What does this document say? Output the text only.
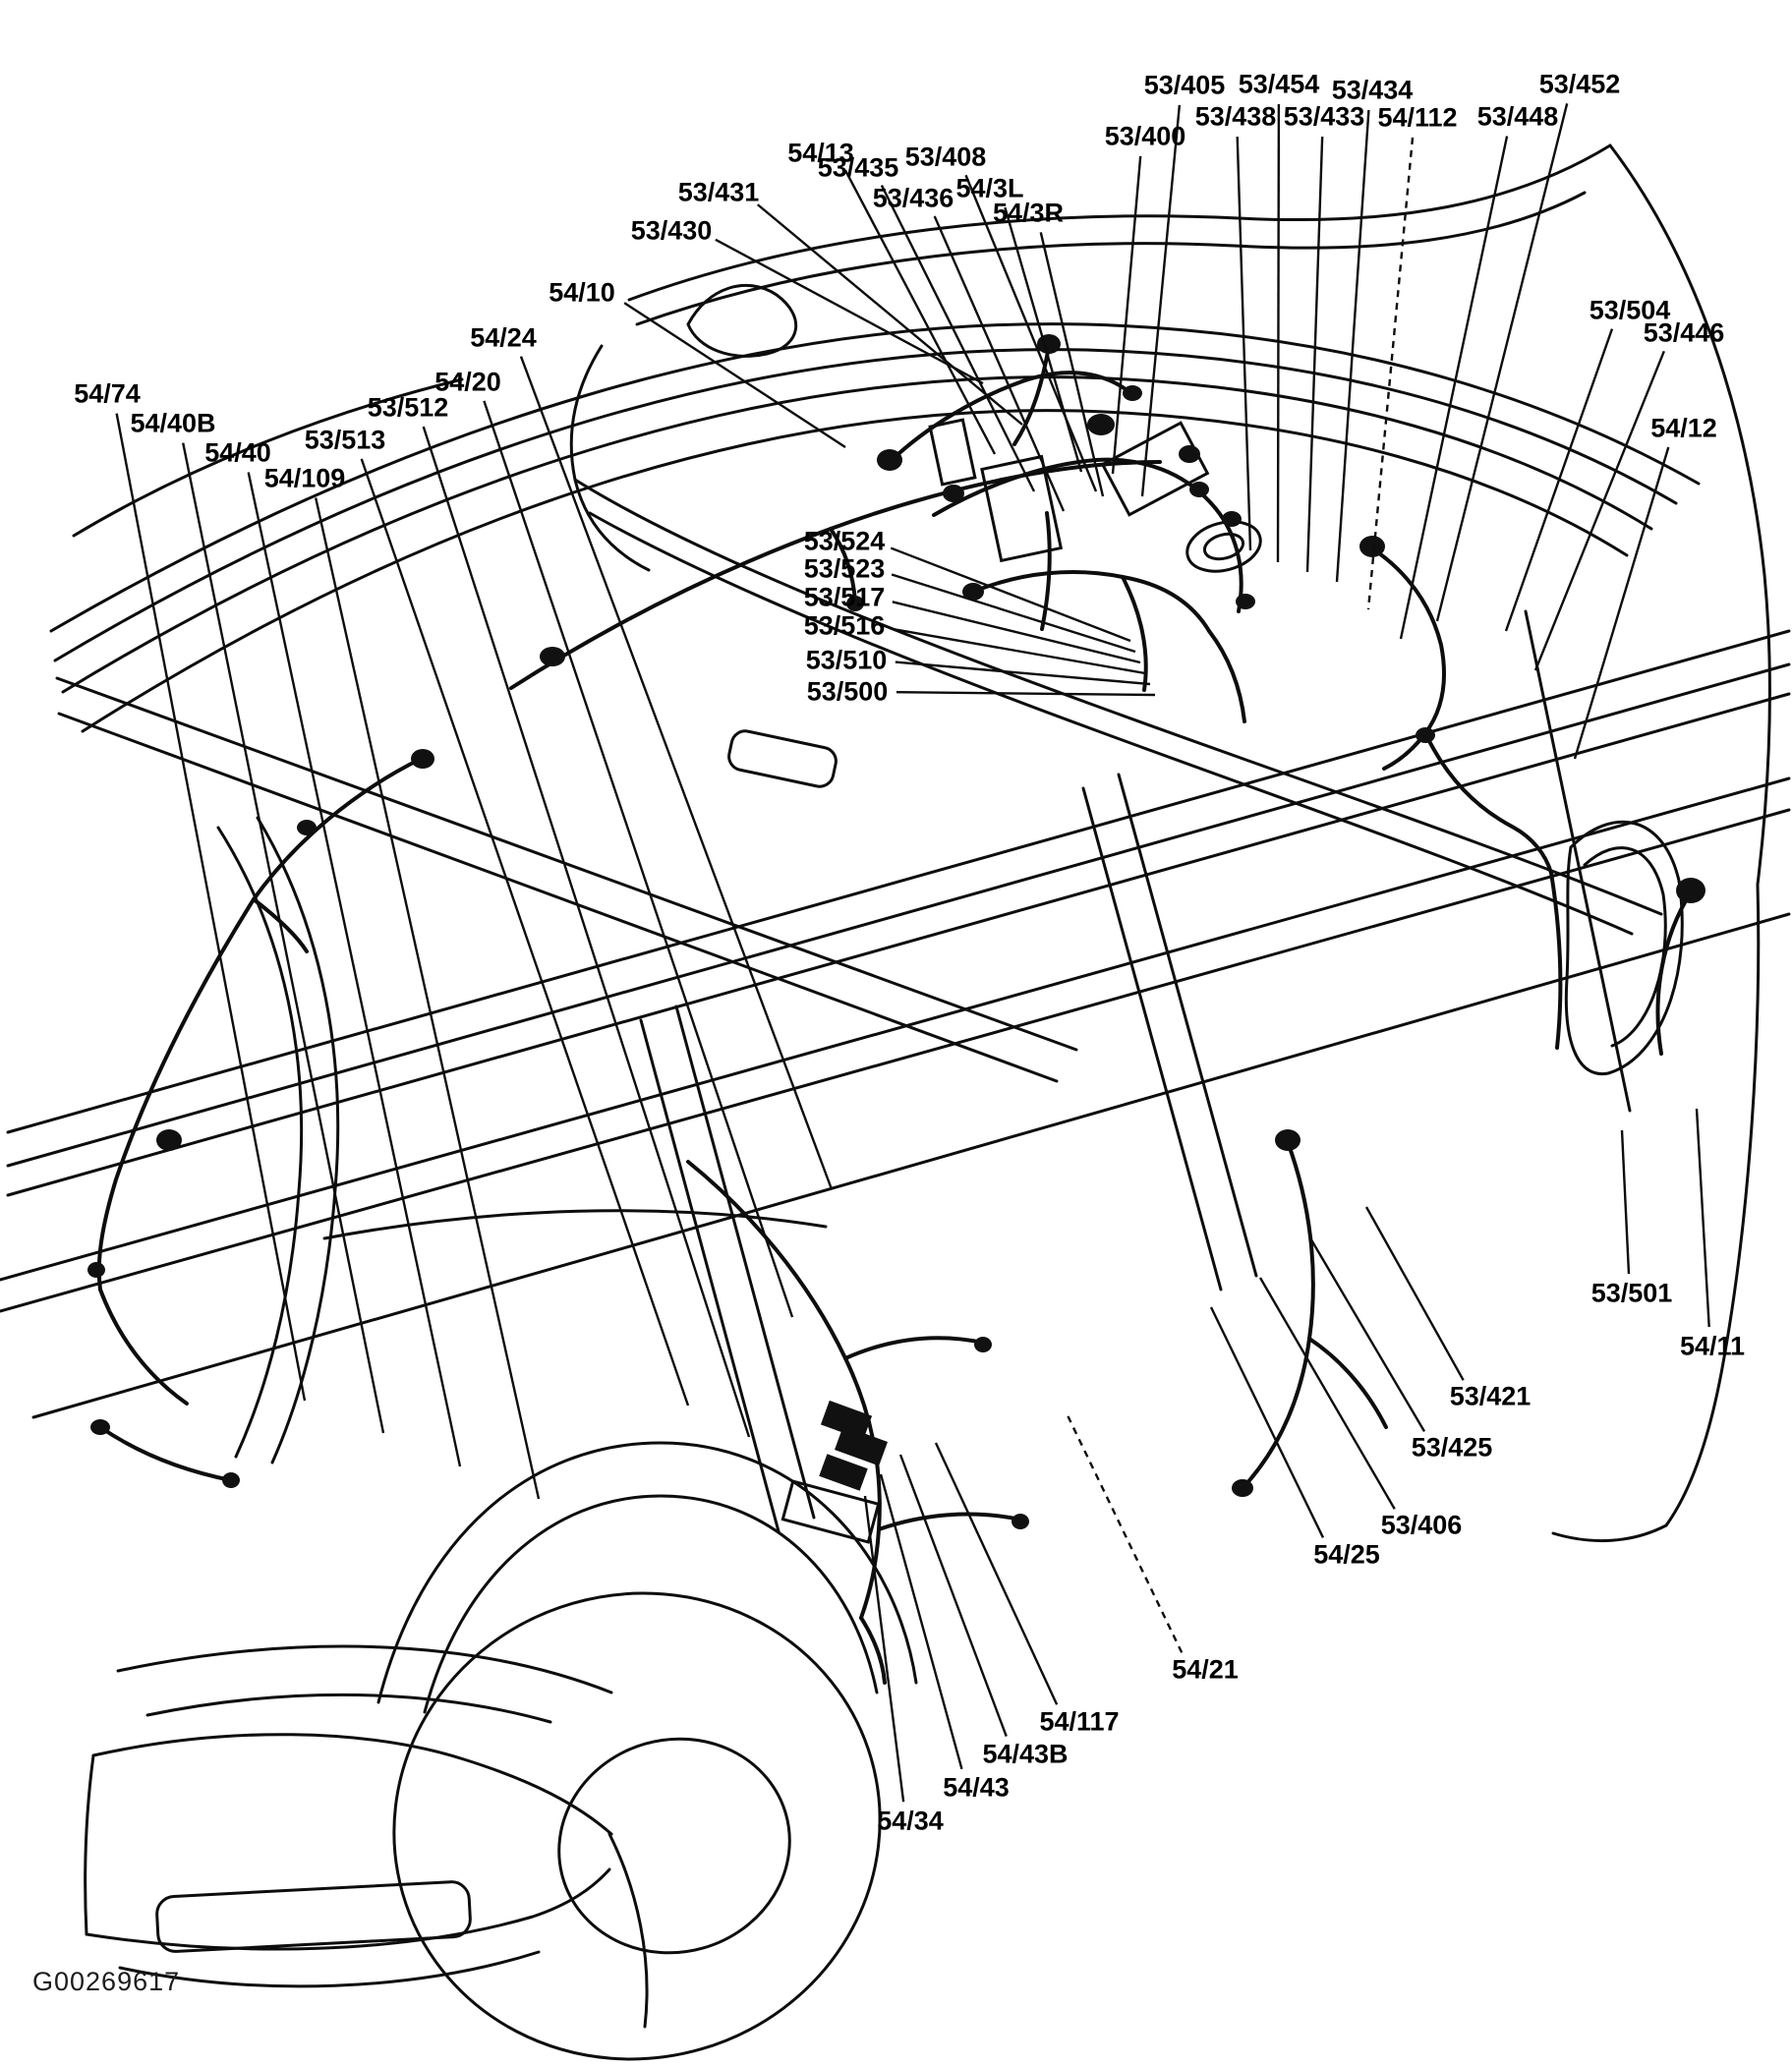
54/74
54/40B
54/40
54/109
53/513
53/512
54/20
54/24
54/10
53/430
53/431
54/13
53/435
53/436
53/408
54/3L
54/3R
53/400
53/405
53/438
53/454
53/433
53/434
54/112 53/448
53/452
53/504
53/446
54/12
53/524
53/523
53/517
53/516
53/510
53/500
53/501
54/11
53/421
53/425
53/406
54/25
54/21
54/117
54/43B
54/43
54/34
G00269617
